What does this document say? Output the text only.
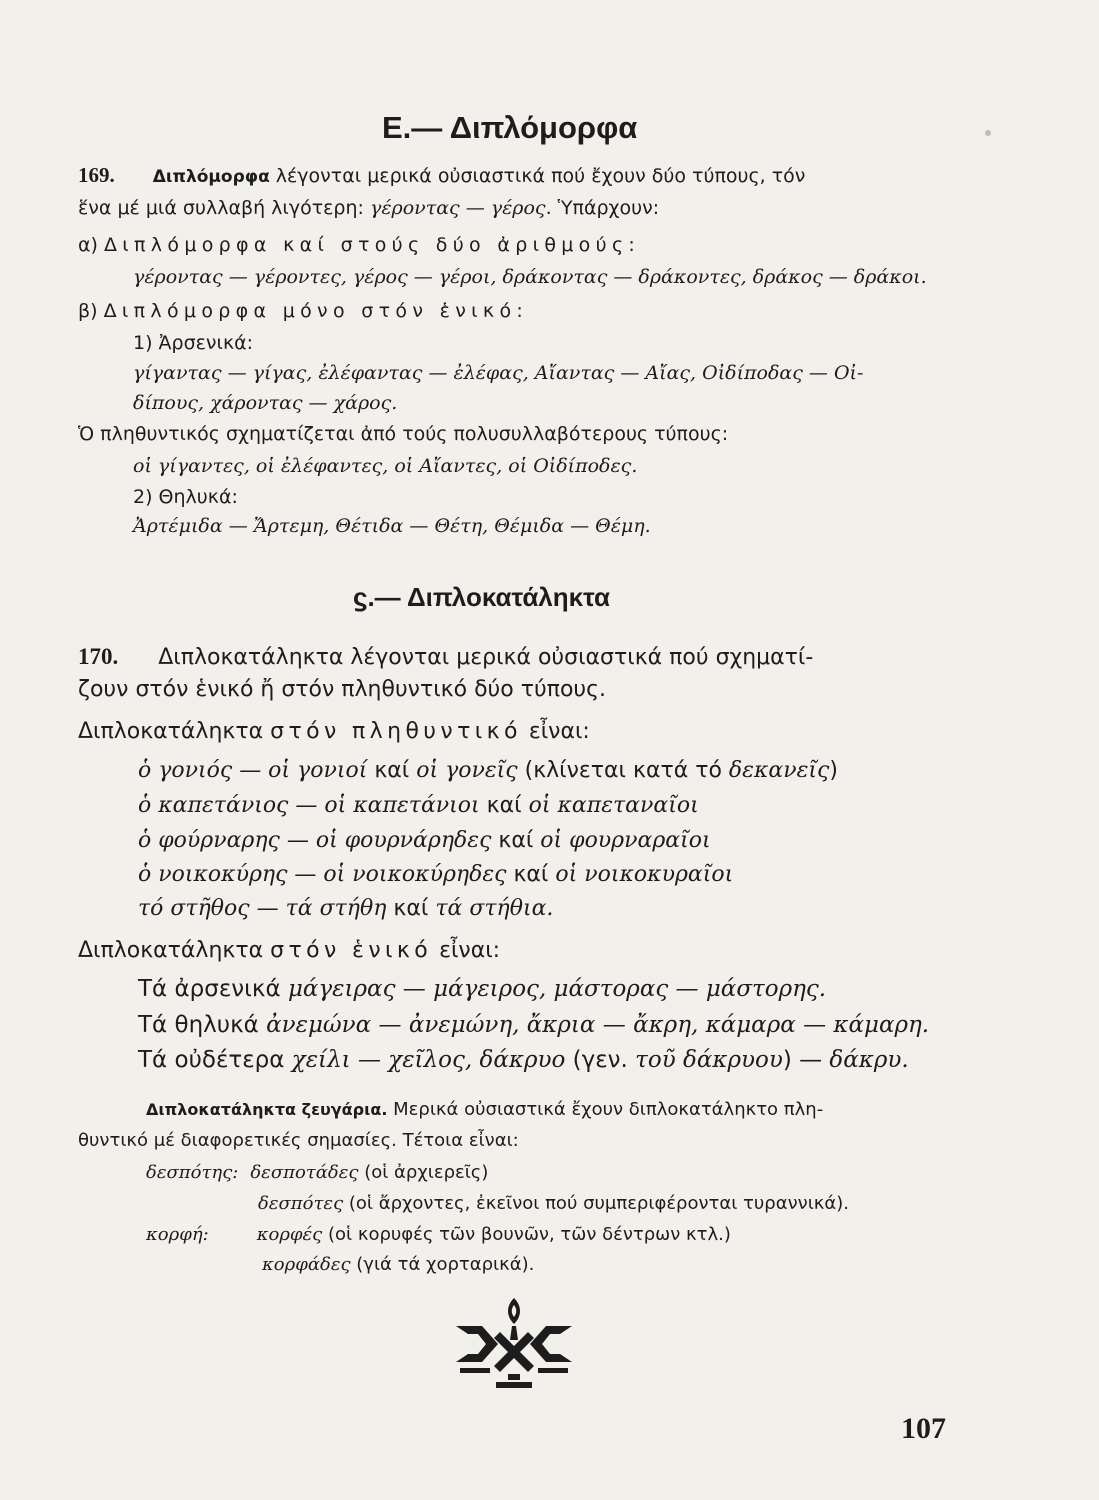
Ε.— Διπλόμορφα
169. Διπλόμορφα λέγονται μερικά οὐσιαστικά πού ἔχουν δύο τύπους, τόν
ἕνα μέ μιά συλλαβή λιγότερη: γέροντας — γέρος. Ὑπάρχουν:
α) Διπλόμορφα καί στούς δύο ἀριθμούς:
γέροντας — γέροντες, γέρος — γέροι, δράκοντας — δράκοντες, δράκος — δράκοι.
β) Διπλόμορφα μόνο στόν ἑνικό:
1) Ἀρσενικά:
γίγαντας — γίγας, ἐλέφαντας — ἐλέφας, Αἴαντας — Αἴας, Οἰδίποδας — Οἰ-
δίπους, χάροντας — χάρος.
Ὁ πληθυντικός σχηματίζεται ἀπό τούς πολυσυλλαβότερους τύπους:
οἱ γίγαντες, οἱ ἐλέφαντες, οἱ Αἴαντες, οἱ Οἰδίποδες.
2) Θηλυκά:
Ἀρτέμιδα — Ἄρτεμη, Θέτιδα — Θέτη, Θέμιδα — Θέμη.
ϛ.— Διπλοκατάληκτα
170. Διπλοκατάληκτα λέγονται μερικά οὐσιαστικά πού σχηματί-
ζουν στόν ἑνικό ἤ στόν πληθυντικό δύο τύπους.
Διπλοκατάληκτα στόν πληθυντικό εἶναι:
ὁ γονιός — οἱ γονιοί καί οἱ γονεῖς (κλίνεται κατά τό δεκανεῖς)
ὁ καπετάνιος — οἱ καπετάνιοι καί οἱ καπεταναῖοι
ὁ φούρναρης — οἱ φουρνάρηδες καί οἱ φουρναραῖοι
ὁ νοικοκύρης — οἱ νοικοκύρηδες καί οἱ νοικοκυραῖοι
τό στῆθος — τά στήθη καί τά στήθια.
Διπλοκατάληκτα στόν ἑνικό εἶναι:
Τά ἀρσενικά μάγειρας — μάγειρος, μάστορας — μάστορης.
Τά θηλυκά ἀνεμώνα — ἀνεμώνη, ἄκρια — ἄκρη, κάμαρα — κάμαρη.
Τά οὐδέτερα χείλι — χεῖλος, δάκρυο (γεν. τοῦ δάκρυου) — δάκρυ.
Διπλοκατάληκτα ζευγάρια. Μερικά οὐσιαστικά ἔχουν διπλοκατάληκτο πλη-
θυντικό μέ διαφορετικές σημασίες. Τέτοια εἶναι:
δεσπότης: δεσποτάδες (οἱ ἀρχιερεῖς)
δεσπότες (οἱ ἄρχοντες, ἐκεῖνοι πού συμπεριφέρονται τυραννικά).
κορφή:	κορφές (οἱ κορυφές τῶν βουνῶν, τῶν δέντρων κτλ.)
κορφάδες (γιά τά χορταρικά).
107
